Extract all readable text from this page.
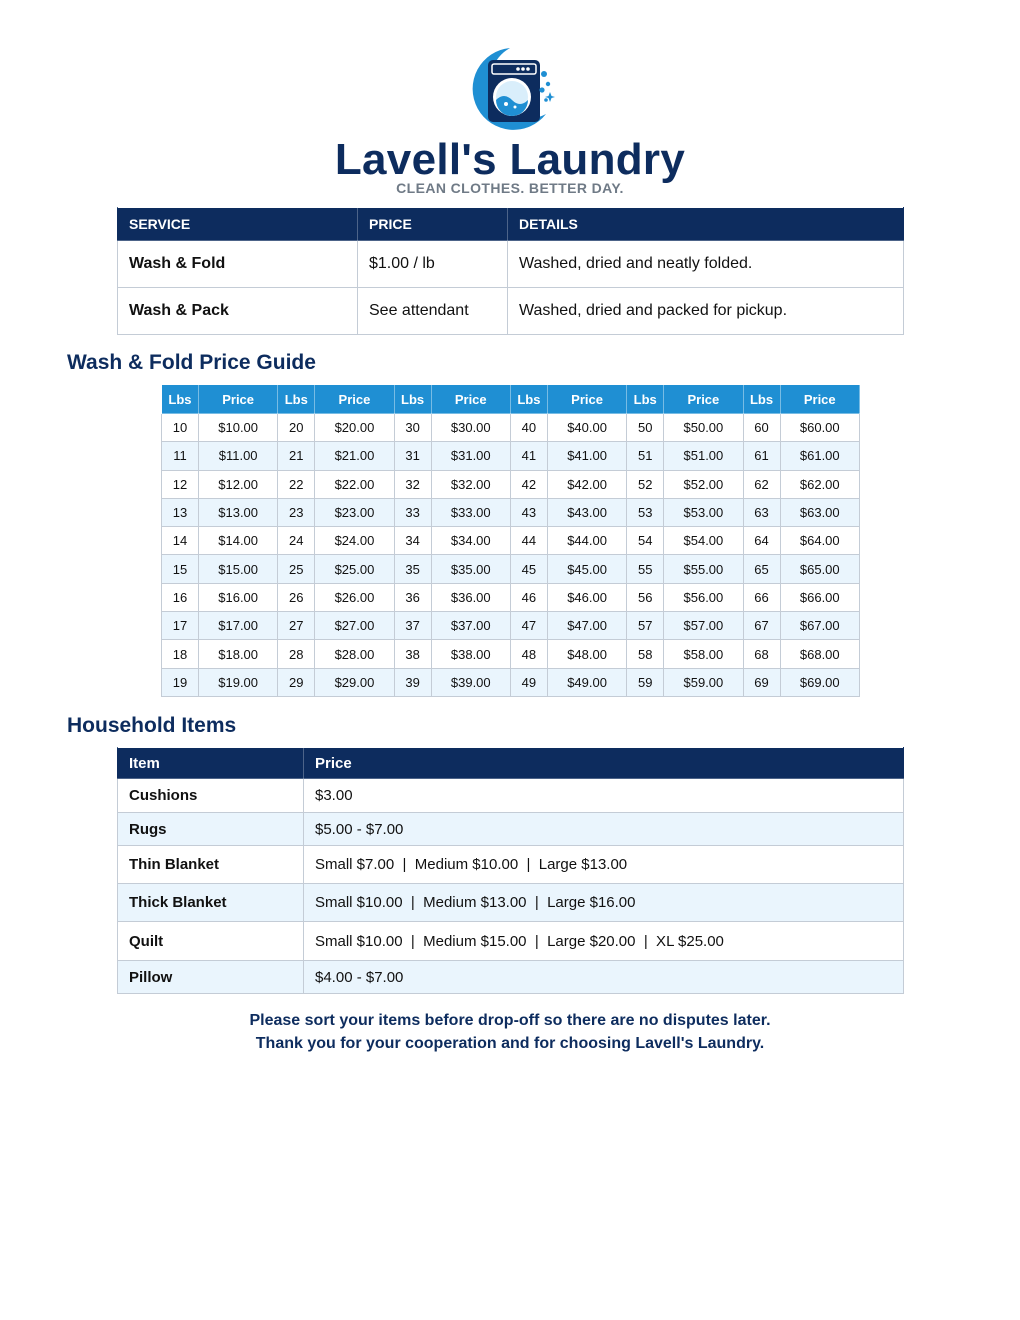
Lavell's Laundry
CLEAN CLOTHES. BETTER DAY.
SERVICE	PRICE	DETAILS
Wash & Fold	$1.00 / lb	Washed, dried and neatly folded.
Wash & Pack	See attendant	Washed, dried and packed for pickup.
Wash & Fold Price Guide
Lbs	Price	Lbs	Price	Lbs	Price	Lbs	Price	Lbs	Price	Lbs	Price
10	$10.00	20	$20.00	30	$30.00	40	$40.00	50	$50.00	60	$60.00
11	$11.00	21	$21.00	31	$31.00	41	$41.00	51	$51.00	61	$61.00
12	$12.00	22	$22.00	32	$32.00	42	$42.00	52	$52.00	62	$62.00
13	$13.00	23	$23.00	33	$33.00	43	$43.00	53	$53.00	63	$63.00
14	$14.00	24	$24.00	34	$34.00	44	$44.00	54	$54.00	64	$64.00
15	$15.00	25	$25.00	35	$35.00	45	$45.00	55	$55.00	65	$65.00
16	$16.00	26	$26.00	36	$36.00	46	$46.00	56	$56.00	66	$66.00
17	$17.00	27	$27.00	37	$37.00	47	$47.00	57	$57.00	67	$67.00
18	$18.00	28	$28.00	38	$38.00	48	$48.00	58	$58.00	68	$68.00
19	$19.00	29	$29.00	39	$39.00	49	$49.00	59	$59.00	69	$69.00
Household Items
Item	Price
Cushions	$3.00
Rugs	$5.00 - $7.00
Thin Blanket	Small $7.00  |  Medium $10.00  |  Large $13.00
Thick Blanket	Small $10.00  |  Medium $13.00  |  Large $16.00
Quilt	Small $10.00  |  Medium $15.00  |  Large $20.00  |  XL $25.00
Pillow	$4.00 - $7.00
Please sort your items before drop-off so there are no disputes later.
Thank you for your cooperation and for choosing Lavell's Laundry.
